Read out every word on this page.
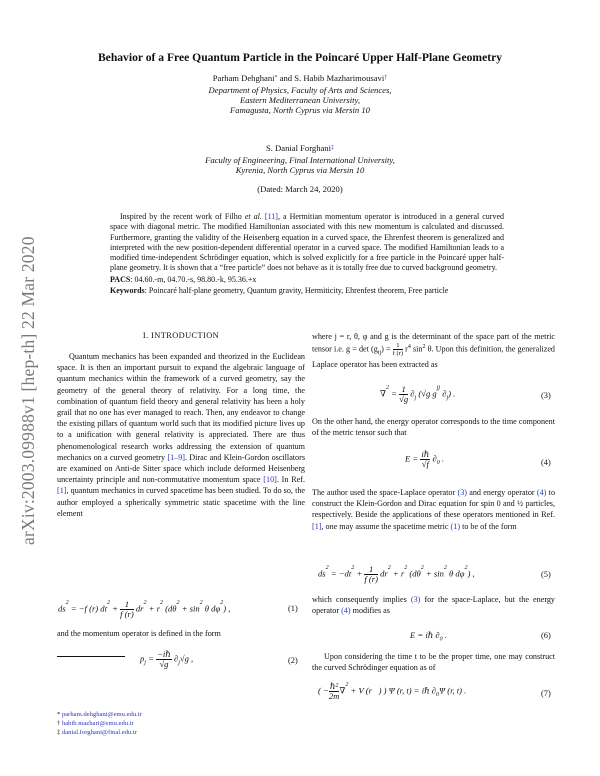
arXiv:2003.09988v1 [hep-th] 22 Mar 2020
Behavior of a Free Quantum Particle in the Poincaré Upper Half-Plane Geometry
Parham Dehghani* and S. Habib Mazharimousavi†
Department of Physics, Faculty of Arts and Sciences,
Eastern Mediterranean University,
Famagusta, North Cyprus via Mersin 10
S. Danial Forghani‡
Faculty of Engineering, Final International University,
Kyrenia, North Cyprus via Mersin 10
(Dated: March 24, 2020)

Inspired by the recent work of Filho et al. [11], a Hermitian momentum operator is introduced in a general curved space with diagonal metric. The modified Hamiltonian associated with this new momentum is calculated and discussed. Furthermore, granting the validity of the Heisenberg equation in a curved space, the Ehrenfest theorem is generalized and interpreted with the new position-dependent differential operator in a curved space. The modified Hamiltonian leads to a modified time-independent Schrödinger equation, which is solved explicitly for a free particle in the Poincaré upper half-plane geometry. It is shown that a “free particle” does not behave as it is totally free due to curved background geometry.

PACS: 04.60.-m, 04.70.-s, 98.80.-k, 95.36.+x

Keywords: Poincaré half-plane geometry, Quantum gravity, Hermiticity, Ehrenfest theorem, Free particle

I. INTRODUCTION

Quantum mechanics has been expanded and theorized in the Euclidean space. It is then an important pursuit to expand the algebraic language of quantum mechanics within the framework of a curved geometry, say the geometry of the general theory of relativity. For a long time, the combination of quantum field theory and general relativity has been a holy grail that no one has ever managed to reach. Then, any endeavor to change the existing pillars of quantum world such that its modified picture lives up to a unification with general relativity is appreciated. There are thus phenomenological research works addressing the extension of quantum mechanics on a curved geometry [1–9]. Dirac and Klein-Gordon oscillators are examined on Anti-de Sitter space which include deformed Heisenberg uncertainty principle and non-commutative momentum space [10]. In Ref. [1], quantum mechanics in curved spacetime has been studied. To do so, the author employed a spherically symmetric static spacetime with the line element

$ds^2 = -f$ (r) $dt^2 + \frac{1}{f (r)} dr^2 + r^2$ ($d\theta^2 + \sin^2 \theta$ $d\varphi^2$) ,	(1)

and the momentum operator is defined in the form

$p_j = \frac{\text{−iℏ}}{√g} \partial_j√g$ ,	(2)
* parham.dehghani@emu.edu.tr
† habib.mazhari@emu.edu.tr
‡ danial.forghani@final.edu.tr

where j = r, θ, φ and g is the determinant of the space part of the metric tensor i.e. $g = \det (g_{ij}) = \frac{1}{f (r)} r^4$ $\sin^2 \theta$. Upon this definition, the generalized Laplace operator has been extracted as

$\nabla^2 = \frac{1}{√g} \partial_j$ (√g $g^{jj}$ $\partial_j$) .	(3)

On the other hand, the energy operator corresponds to the time component of the metric tensor such that

$E = \frac{\text{iℏ}}{√f} \partial_0$ .	(4)

The author used the space-Laplace operator (3) and energy operator (4) to construct the Klein-Gordon and Dirac equation for spin 0 and ½ particles, respectively. Beside the applications of these operators mentioned in Ref. [1], one may assume the spacetime metric (1) to be of the form

$ds^2 = -dt^2 + \frac{1}{f (r)} dr^2 + r^2$ ($d\theta^2 + \sin^2 \theta$ $d\varphi^2$) ,	(5)

which consequently implies (3) for the space-Laplace, but the energy operator (4) modifies as

E = iℏ $\partial_0$ .	(6)

Upon considering the time t to be the proper time, one may construct the curved Schrödinger equation as of

( − $\frac{\hbar^2}{2m} \nabla^2 + V$ (r⃗) ) Ψ (r, t) = iℏ $\partial_0\Psi$ (r, t) .	(7)
